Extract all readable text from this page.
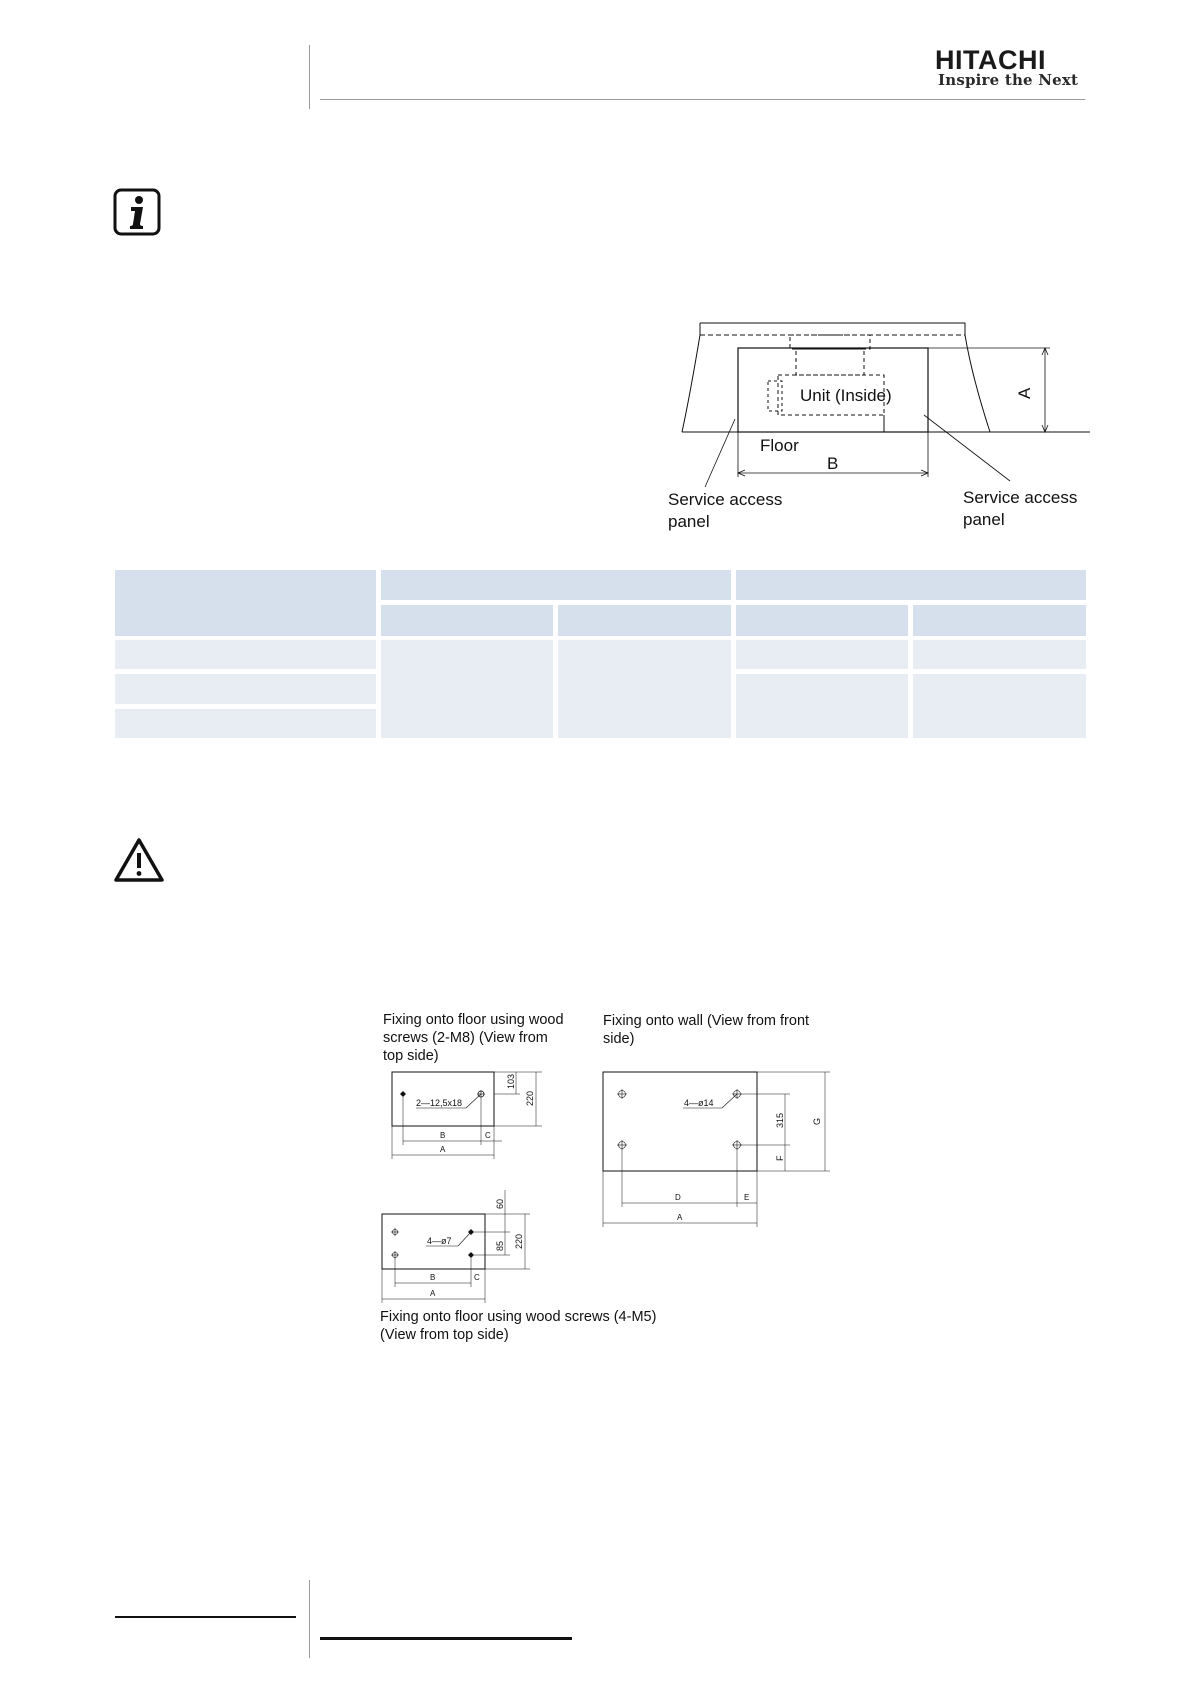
HITACHI
Inspire the Next
Unit (Inside)
Floor
A
B
Service access
panel
Service access
panel
Fixing onto floor using wood
screws (2-M8) (View from
top side)
Fixing onto wall (View from front
side)
2—12,5x18
103
220
B	C
A
4—ø14
315
F
G
D	E
A
4—ø7
60
85 220
B	C
A
Fixing onto floor using wood screws (4-M5)
(View from top side)
